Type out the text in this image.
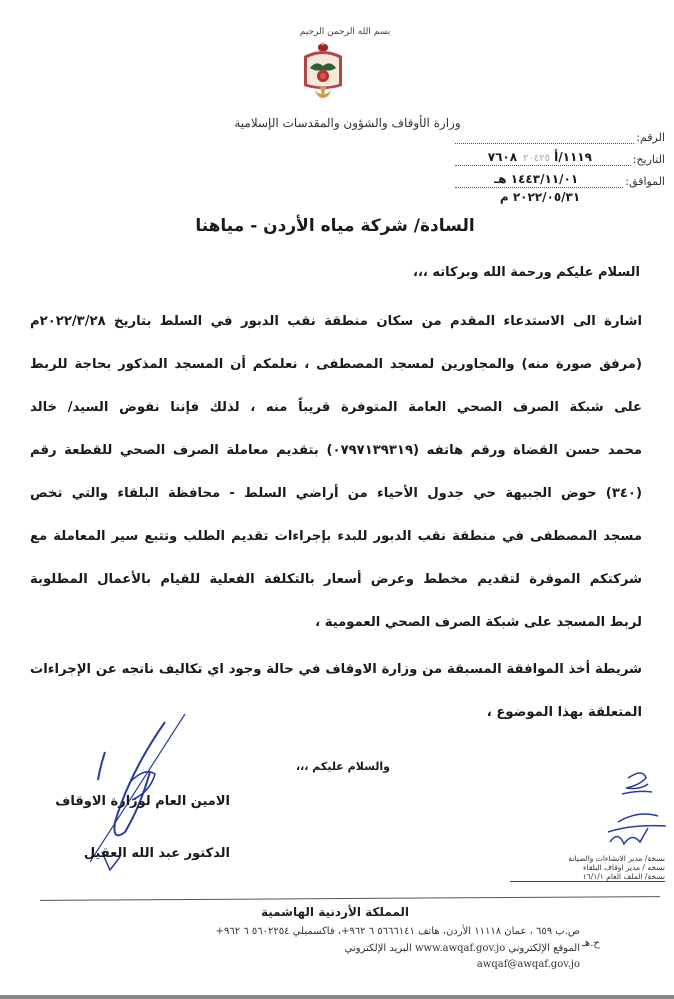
بسم الله الرحمن الرحيم
وزارة الأوقاف والشؤون والمقدسات الإسلامية
الرقم
:
التاريخ
:
١١١٩/أ ٧٦٠٨٢٠٤٢٥
الموافق
:
١٤٤٣/١١/٠١ هـ
٢٠٢٢/٠٥/٣١ م
السادة/ شركة مياه الأردن - مياهنا
السلام عليكم ورحمة الله وبركاته ،،،
اشارة الى الاستدعاء المقدم من سكان منطقة نقب الدبور في السلط بتاريخ ٢٠٢٢/٣/٢٨م
(مرفق صورة منه) والمجاورين لمسجد المصطفى ، نعلمكم أن المسجد المذكور بحاجة للربط
على شبكة الصرف الصحي العامة المتوفرة قريباً منه ، لذلك فإننا نفوض السيد/ خالد
محمد حسن القضاة ورقم هاتفه (٠٧٩٧١٣٩٣١٩) بتقديم معاملة الصرف الصحي للقطعة رقم
(٣٤٠) حوض الجبيهة حي جدول الأحياء من أراضي السلط - محافظة البلقاء والتي تخص
مسجد المصطفى في منطقة نقب الدبور للبدء بإجراءات تقديم الطلب وتتبع سير المعاملة مع
شركتكم الموقرة لتقديم مخطط وعرض أسعار بالتكلفة الفعلية للقيام بالأعمال المطلوبة
لربط المسجد على شبكة الصرف الصحي العمومية ،
شريطة أخذ الموافقة المسبقة من وزارة الاوقاف في حالة وجود اي تكاليف ناتجه عن الإجراءات
المتعلقة بهذا الموضوع ،
والسلام عليكم ،،،
الامين العام لوزارة الاوقاف
الدكتور عبد الله العقيل	نسخة/ مدير الانشاءات والصيانة
نسخه / مدير اوقاف البلقاء
نسخة/ الملف العام ١٦/١/١
المملكة الأردنية الهاشمية
ص.ب ٦٥٩ ، عمان ١١١١٨ الأردن، هاتف ٥٦٦٦١٤١ ٦ ٩٦٢+، فاكسميلي ٥٦٠٢٢٥٤ ٦ ٩٦٢+
الموقع الإلكتروني www.awqaf.gov.jo البريد الإلكتروني
awqaf@awqaf.gov.jo
ح.هـ
